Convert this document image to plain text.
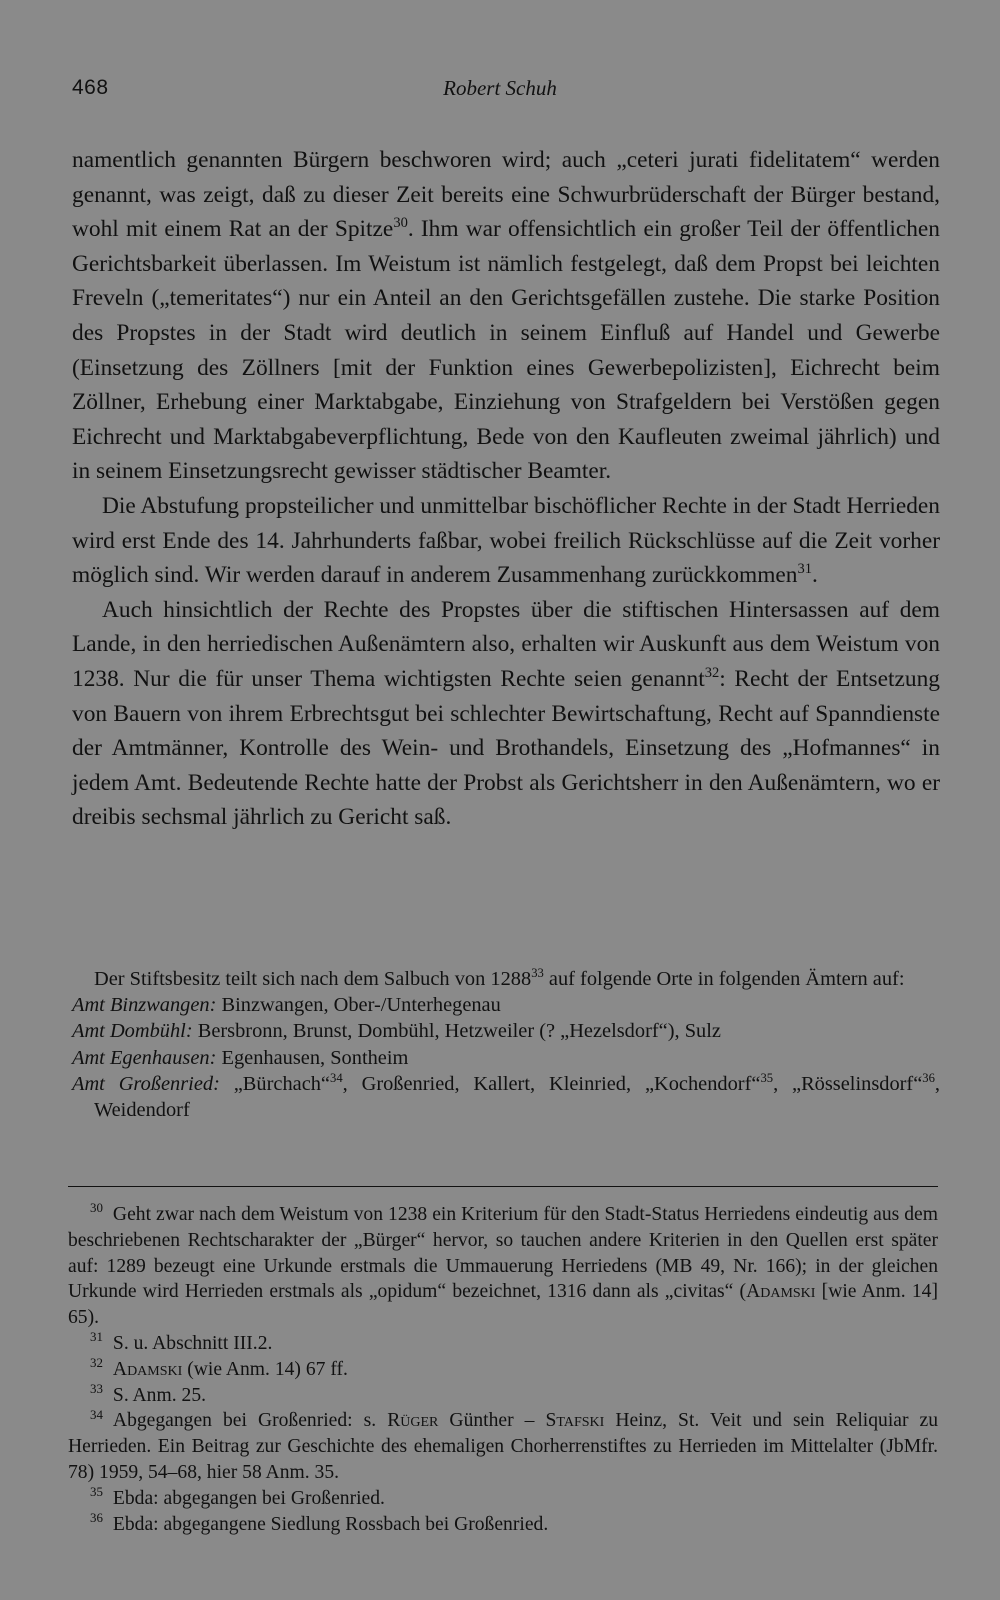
468	Robert Schuh

namentlich genannten Bürgern beschworen wird; auch „ceteri jurati fidelitatem“ werden genannt, was zeigt, daß zu dieser Zeit bereits eine Schwurbrüderschaft der Bürger bestand, wohl mit einem Rat an der Spitze$^{30}$. Ihm war offensichtlich ein großer Teil der öffentlichen Gerichtsbarkeit überlassen. Im Weistum ist nämlich festgelegt, daß dem Propst bei leichten Freveln („temeritates“) nur ein Anteil an den Gerichtsgefällen zustehe. Die starke Position des Propstes in der Stadt wird deutlich in seinem Einfluß auf Handel und Gewerbe (Einsetzung des Zöllners [mit der Funktion eines Gewerbepolizisten], Eichrecht beim Zöllner, Erhebung einer Marktabgabe, Einziehung von Strafgeldern bei Verstößen gegen Eichrecht und Marktabgabeverpflichtung, Bede von den Kaufleuten zweimal jährlich) und in seinem Einsetzungsrecht gewisser städtischer Beamter.

Die Abstufung propsteilicher und unmittelbar bischöflicher Rechte in der Stadt Herrieden wird erst Ende des 14. Jahrhunderts faßbar, wobei freilich Rückschlüsse auf die Zeit vorher möglich sind. Wir werden darauf in anderem Zusammenhang zurückkommen$^{31}$.

Auch hinsichtlich der Rechte des Propstes über die stiftischen Hintersassen auf dem Lande, in den herriedischen Außenämtern also, erhalten wir Auskunft aus dem Weistum von 1238. Nur die für unser Thema wichtigsten Rechte seien genannt$^{32}$: Recht der Entsetzung von Bauern von ihrem Erbrechtsgut bei schlechter Bewirtschaftung, Recht auf Spanndienste der Amtmänner, Kontrolle des Wein- und Brothandels, Einsetzung des „Hofmannes“ in jedem Amt. Bedeutende Rechte hatte der Probst als Gerichtsherr in den Außenämtern, wo er dreibis sechsmal jährlich zu Gericht saß.

Der Stiftsbesitz teilt sich nach dem Salbuch von 1288$^{33}$ auf folgende Orte in folgenden Ämtern auf:

Amt Binzwangen: Binzwangen, Ober-/Unterhegenau

Amt Dombühl: Bersbronn, Brunst, Dombühl, Hetzweiler (? „Hezelsdorf“), Sulz

Amt Egenhausen: Egenhausen, Sontheim

Amt Großenried: „Bürchach“$^{34}$, Großenried, Kallert, Kleinried, „Kochendorf“$^{35}$, „Rösselinsdorf“$^{36}$, Weidendorf

$^{30}$ Geht zwar nach dem Weistum von 1238 ein Kriterium für den Stadt-Status Herriedens eindeutig aus dem beschriebenen Rechtscharakter der „Bürger“ hervor, so tauchen andere Kriterien in den Quellen erst später auf: 1289 bezeugt eine Urkunde erstmals die Ummauerung Herriedens (MB 49, Nr. 166); in der gleichen Urkunde wird Herrieden erstmals als „opidum“ bezeichnet, 1316 dann als „civitas“ (Adamski [wie Anm. 14] 65).

$^{31}$ S. u. Abschnitt III.2.

$^{32}$ Adamski (wie Anm. 14) 67 ff.

$^{33}$ S. Anm. 25.

$^{34}$ Abgegangen bei Großenried: s. Rüger Günther – Stafski Heinz, St. Veit und sein Reliquiar zu Herrieden. Ein Beitrag zur Geschichte des ehemaligen Chorherrenstiftes zu Herrieden im Mittelalter (JbMfr. 78) 1959, 54–68, hier 58 Anm. 35.

$^{35}$ Ebda: abgegangen bei Großenried.

$^{36}$ Ebda: abgegangene Siedlung Rossbach bei Großenried.
